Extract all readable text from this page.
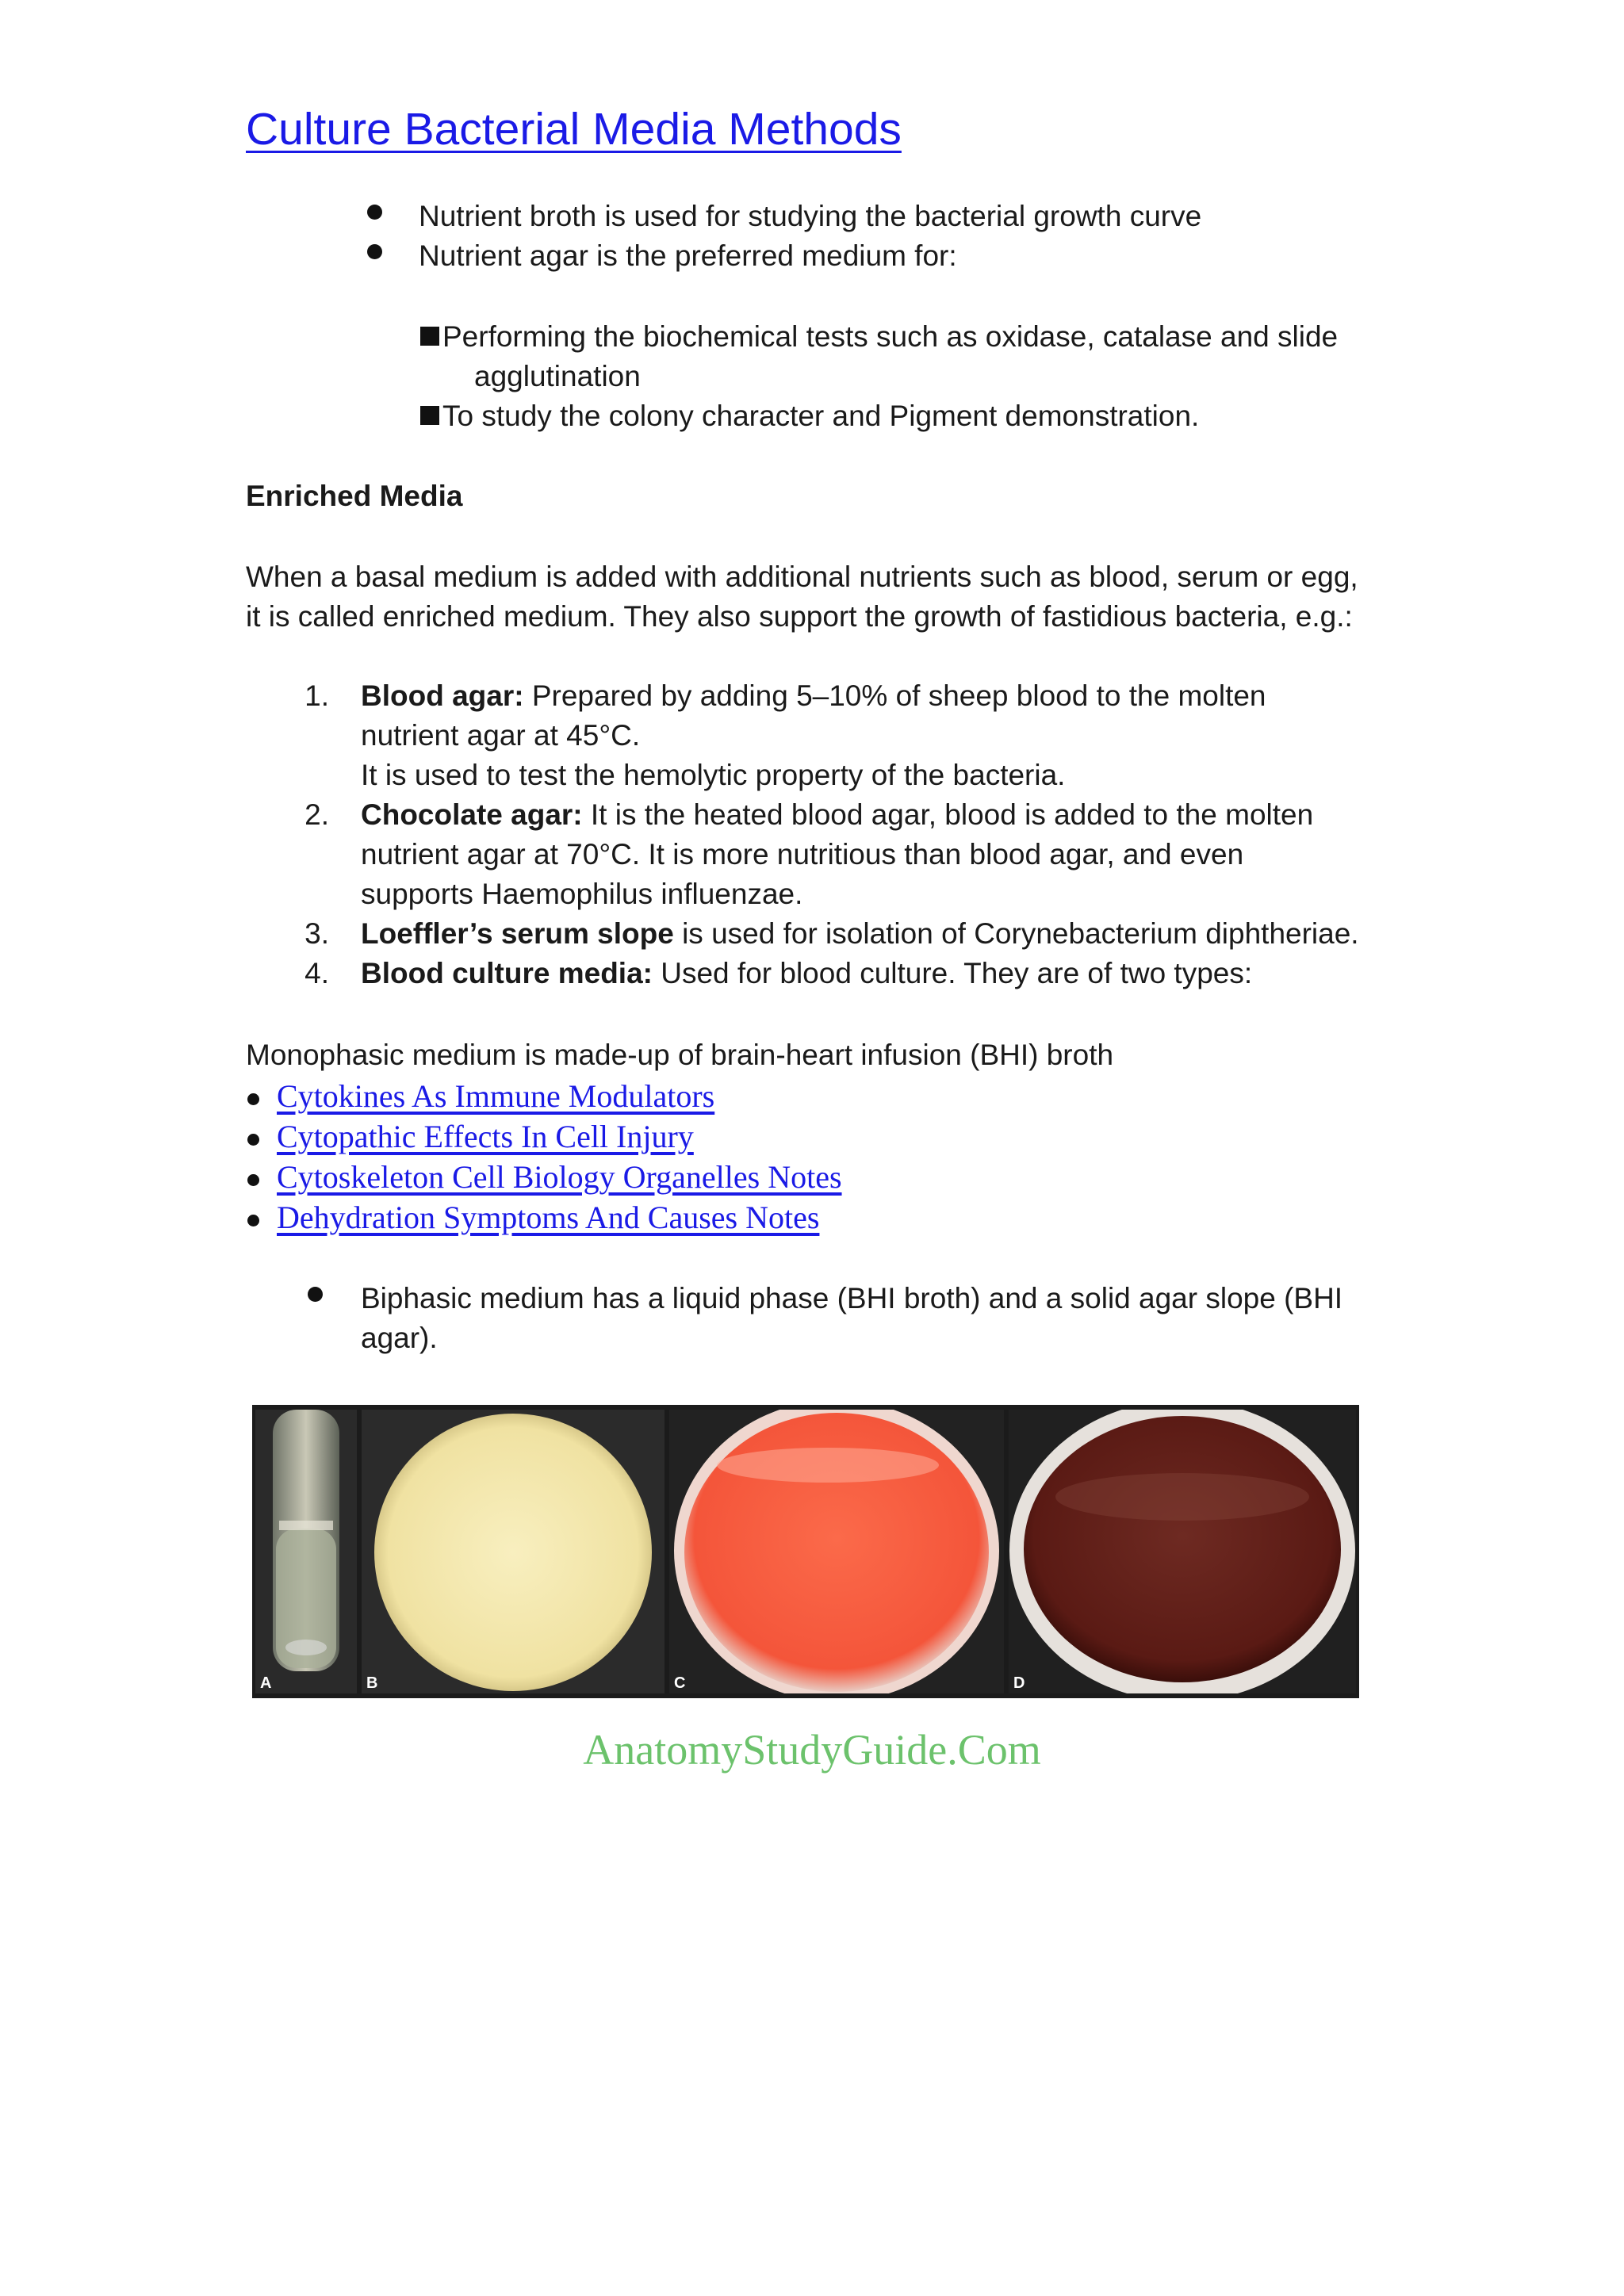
Culture Bacterial Media Methods
Nutrient broth is used for studying the bacterial growth curve
Nutrient agar is the preferred medium for:
Performing the biochemical tests such as oxidase, catalase and slide
agglutination
To study the colony character and Pigment demonstration.
Enriched Media
When a basal medium is added with additional nutrients such as blood, serum or egg,
it is called enriched medium. They also support the growth of fastidious bacteria, e.g.:
1. Blood agar: Prepared by adding 5–10% of sheep blood to the molten
nutrient agar at 45°C.
It is used to test the hemolytic property of the bacteria.
2. Chocolate agar: It is the heated blood agar, blood is added to the molten
nutrient agar at 70°C. It is more nutritious than blood agar, and even
supports Haemophilus influenzae.
3. Loeffler’s serum slope is used for isolation of Corynebacterium diphtheriae.
4. Blood culture media: Used for blood culture. They are of two types:
Monophasic medium is made-up of brain-heart infusion (BHI) broth
Cytokines As Immune Modulators
Cytopathic Effects In Cell Injury
Cytoskeleton Cell Biology Organelles Notes
Dehydration Symptoms And Causes Notes
Biphasic medium has a liquid phase (BHI broth) and a solid agar slope (BHI
agar).
A	B	C	D
AnatomyStudyGuide.Com
